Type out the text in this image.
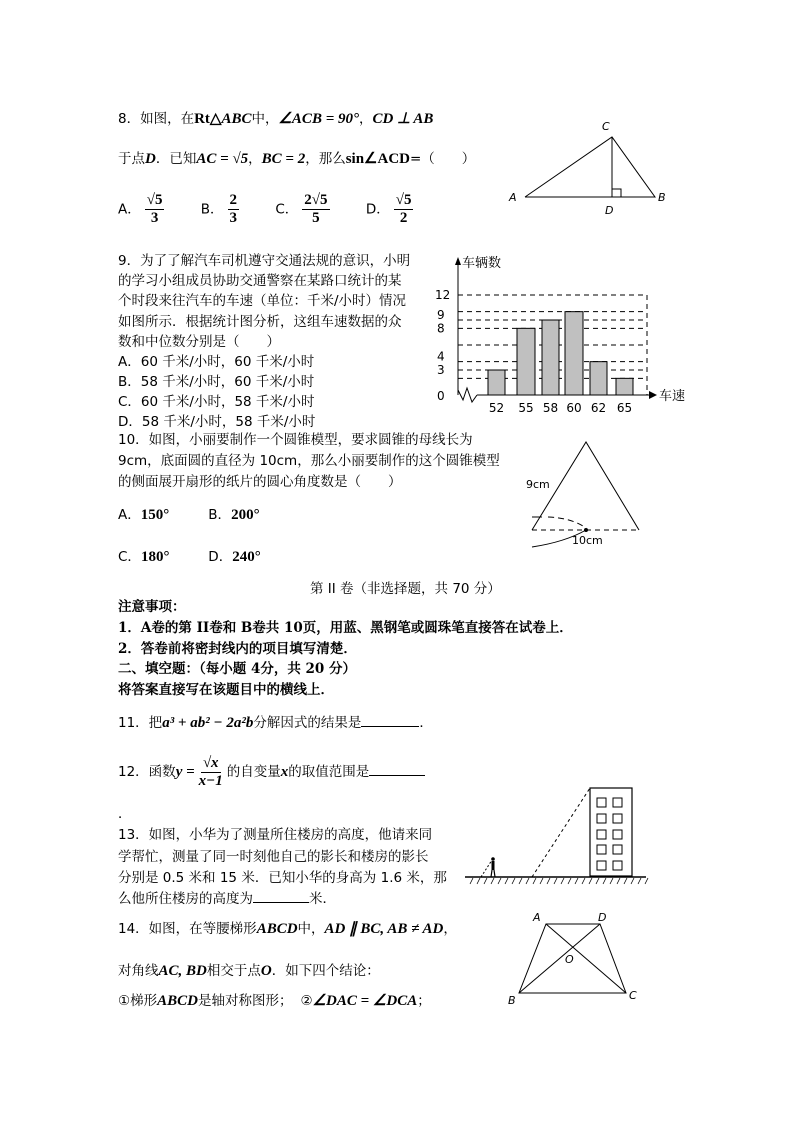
8．如图，在Rt△ABC中，∠ACB = 90°，CD ⊥ AB
于点D．已知AC = √5，BC = 2，那么sin∠ACD=（　　）
A． $\frac{√5}{3}$	B． $\frac{2}{3}$	C． $\frac{2√5}{5}$	D． $\frac{√5}{2}$
C
A	B
D
9．为了了解汽车司机遵守交通法规的意识，小明
的学习小组成员协助交通警察在某路口统计的某
个时段来往汽车的车速（单位：千米/小时）情况
如图所示．根据统计图分析，这组车速数据的众
数和中位数分别是（　　）
A．60 千米/小时，60 千米/小时
B．58 千米/小时，60 千米/小时
C．60 千米/小时，58 千米/小时
D．58 千米/小时，58 千米/小时
车辆数
车速
0
3
4
8
9
12
52 55 58 60 62 65
10．如图，小丽要制作一个圆锥模型，要求圆锥的母线长为
9cm，底面圆的直径为 10cm，那么小丽要制作的这个圆锥模型
的侧面展开扇形的纸片的圆心角度数是（　　）
A．150°	B．200°
C．180°	D．240°
9cm
10cm
第 II 卷（非选择题，共 70 分）
注意事项：
1．A卷的第 II卷和 B卷共 10页，用蓝、黑钢笔或圆珠笔直接答在试卷上．
2．答卷前将密封线内的项目填写清楚．
二、填空题：（每小题 4分，共 20 分）
将答案直接写在该题目中的横线上．
11．把a³ + ab² − 2a²b分解因式的结果是	．
12．函数$y = \frac{√x}{x-1}$ 的自变量x的取值范围是
．
13．如图，小华为了测量所住楼房的高度，他请来同
学帮忙，测量了同一时刻他自己的影长和楼房的影长
分别是 0.5 米和 15 米．已知小华的身高为 1.6 米，那
么他所住楼房的高度为	米．
14．如图，在等腰梯形ABCD中，AD ∥ BC, AB ≠ AD，
对角线AC, BD相交于点O．如下四个结论：
①梯形ABCD是轴对称图形； ②∠DAC = ∠DCA；
A	D
B	C
O
